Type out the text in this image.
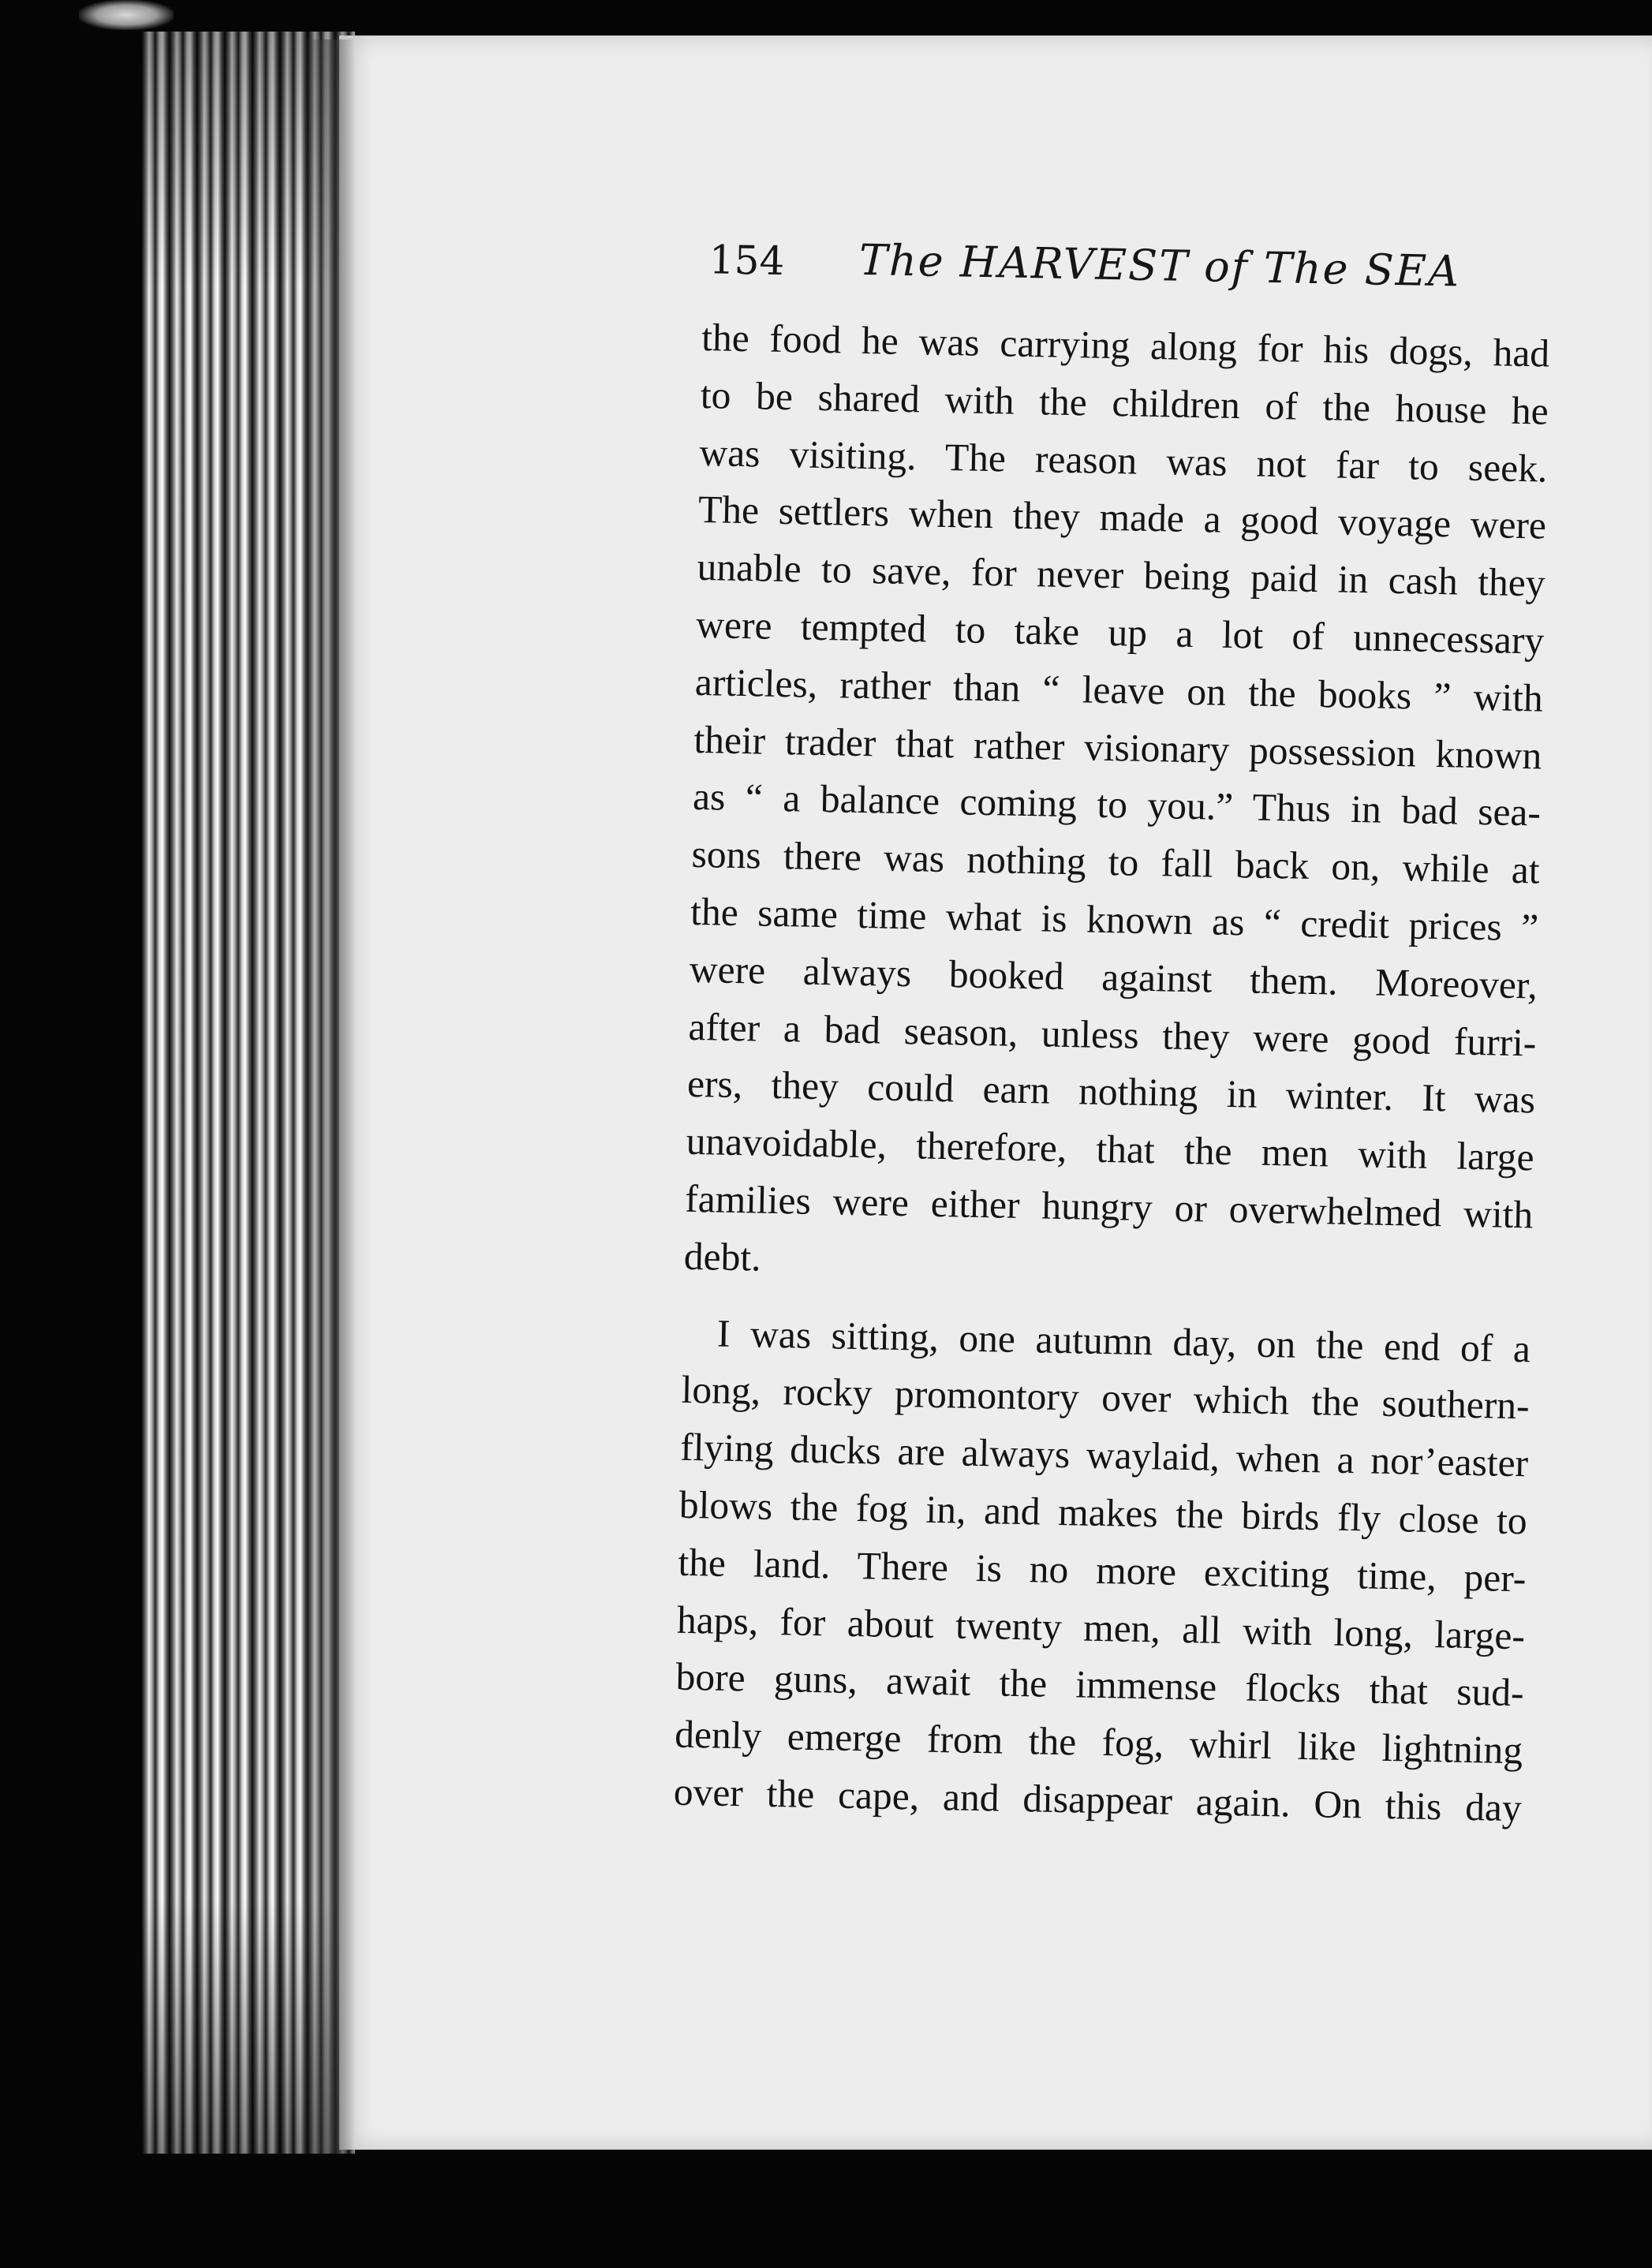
154 The HARVEST of The SEA
the food he was carrying along for his dogs, had
to be shared with the children of the house he
was visiting. The reason was not far to seek.
The settlers when they made a good voyage were
unable to save, for never being paid in cash they
were tempted to take up a lot of unnecessary
articles, rather than “ leave on the books ” with
their trader that rather visionary possession known
as “ a balance coming to you.” Thus in bad sea-
sons there was nothing to fall back on, while at
the same time what is known as “ credit prices ”
were always booked against them. Moreover,
after a bad season, unless they were good furri-
ers, they could earn nothing in winter. It was
unavoidable, therefore, that the men with large
families were either hungry or overwhelmed with
debt.
I was sitting, one autumn day, on the end of a
long, rocky promontory over which the southern-
flying ducks are always waylaid, when a nor’easter
blows the fog in, and makes the birds fly close to
the land. There is no more exciting time, per-
haps, for about twenty men, all with long, large-
bore guns, await the immense flocks that sud-
denly emerge from the fog, whirl like lightning
over the cape, and disappear again. On this day
